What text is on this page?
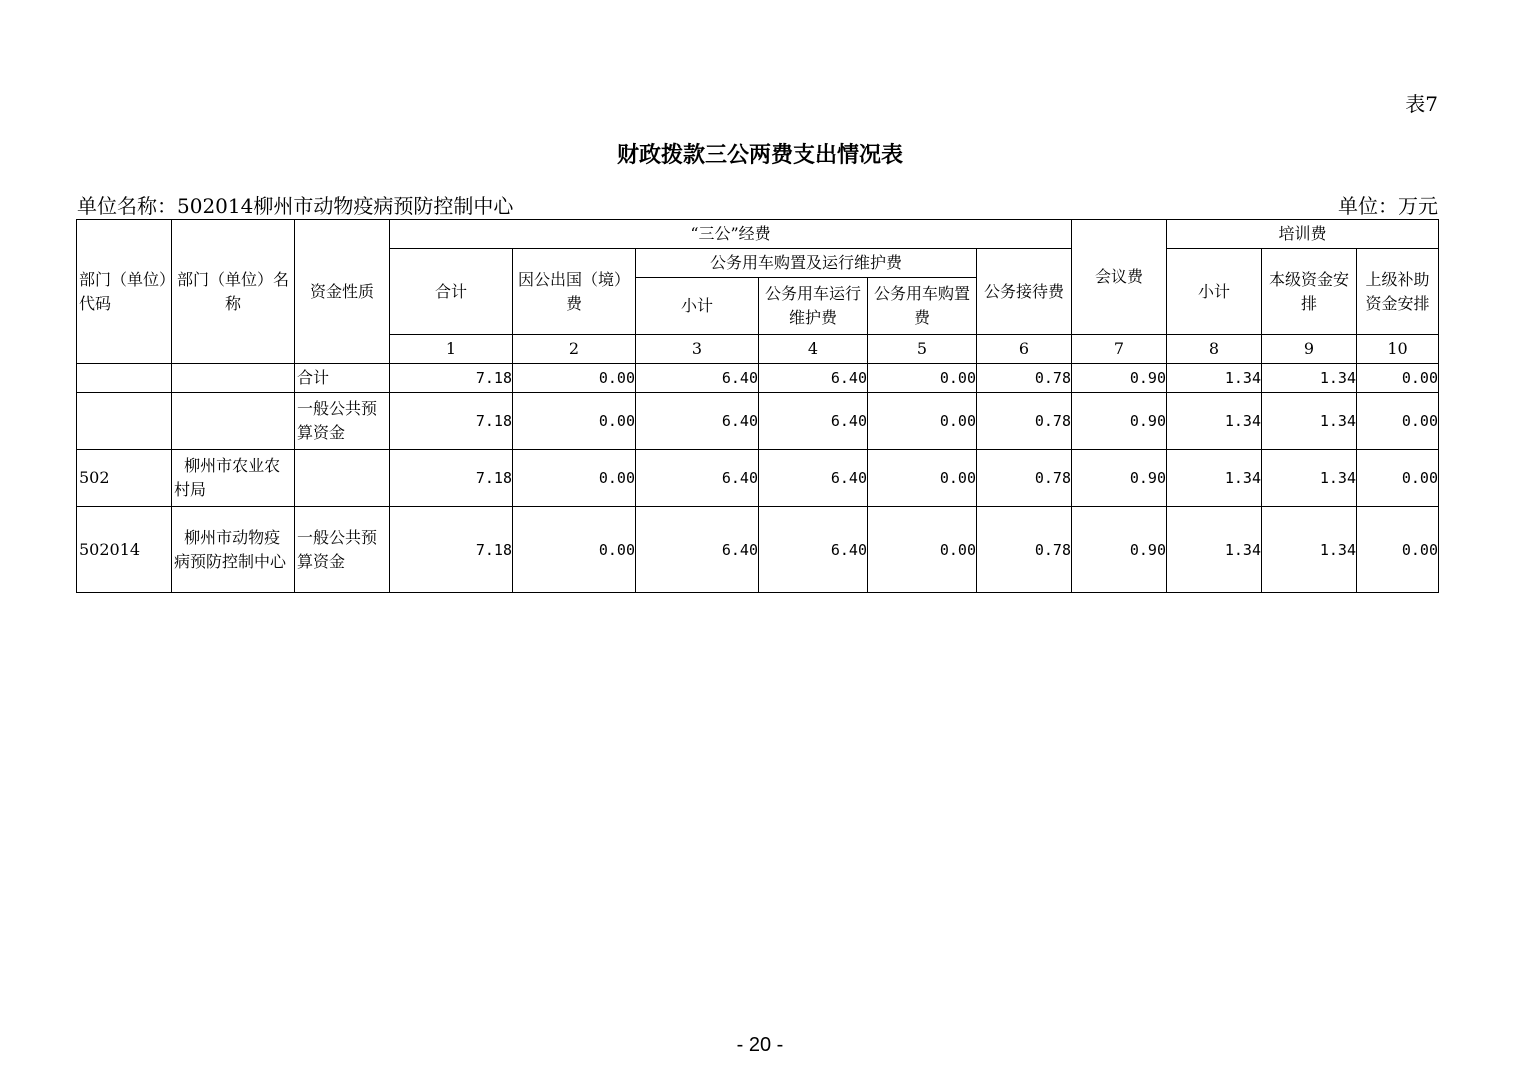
表7
财政拨款三公两费支出情况表
单位名称：502014柳州市动物疫病预防控制中心	单位：万元
部门（单位）代码	部门（单位）名称	资金性质	“三公”经费						会议费	培训费		
			合计	因公出国（境）费	公务用车购置及运行维护费			公务接待费		小计	本级资金安排	上级补助资金安排
					小计	公务用车运行维护费	公务用车购置费					
			1	2	3	4	5	6	7	8	9	10
		合计	7.18	0.00	6.40	6.40	0.00	0.78	0.90	1.34	1.34	0.00
		一般公共预算资金	7.18	0.00	6.40	6.40	0.00	0.78	0.90	1.34	1.34	0.00
502	柳州市农业农村局		7.18	0.00	6.40	6.40	0.00	0.78	0.90	1.34	1.34	0.00
502014	柳州市动物疫病预防控制中心	一般公共预算资金	7.18	0.00	6.40	6.40	0.00	0.78	0.90	1.34	1.34	0.00
- 20 -
